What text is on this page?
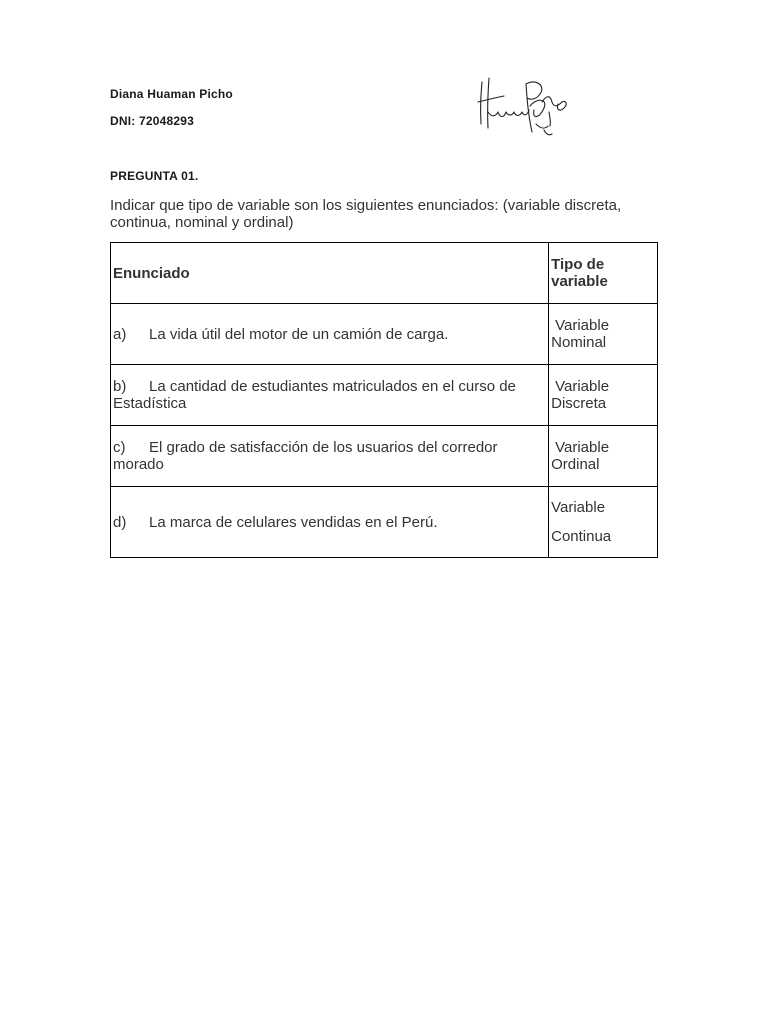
Diana Huaman Picho
DNI: 72048293
PREGUNTA 01.
Indicar que tipo de variable son los siguientes enunciados: (variable discreta, continua, nominal y ordinal)
Enunciado	Tipo de
variable

a) La vida útil del motor de un camión de carga.	Variable
Nominal

b) La cantidad de estudiantes matriculados en el curso de
Estadística	Variable
Discreta

c) El grado de satisfacción de los usuarios del corredor
morado	Variable
Ordinal

d) La marca de celulares vendidas en el Perú.	Variable
Continua
